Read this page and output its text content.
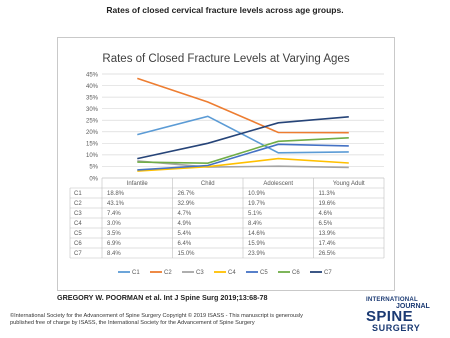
Rates of closed cervical fracture levels across age groups.
Rates of Closed Fracture Levels at Varying Ages
0%
5%
10%
15%
20%
25%
30%
35%
40%
45%
Infantile	Child	Adolescent	Young Adult
C1	18.8%	26.7%	10.9%	11.3%
C2	43.1%	32.9%	19.7%	19.6%
C3	7.4%	4.7%	5.1%	4.6%
C4	3.0%	4.9%	8.4%	6.5%
C5	3.5%	5.4%	14.6%	13.9%
C6	6.9%	6.4%	15.9%	17.4%
C7	8.4%	15.0%	23.9%	26.5%
C1	C2	C3	C4	C5	C6	C7
GREGORY W. POORMAN et al. Int J Spine Surg 2019;13:68-78
©International Society for the Advancement of Spine Surgery Copyright © 2019 ISASS - This manuscript is generously published free of charge by ISASS, the International Society for the Advancement of Spine Surgery
INTERNATIONAL
JOURNAL
SPINE
SURGERY
